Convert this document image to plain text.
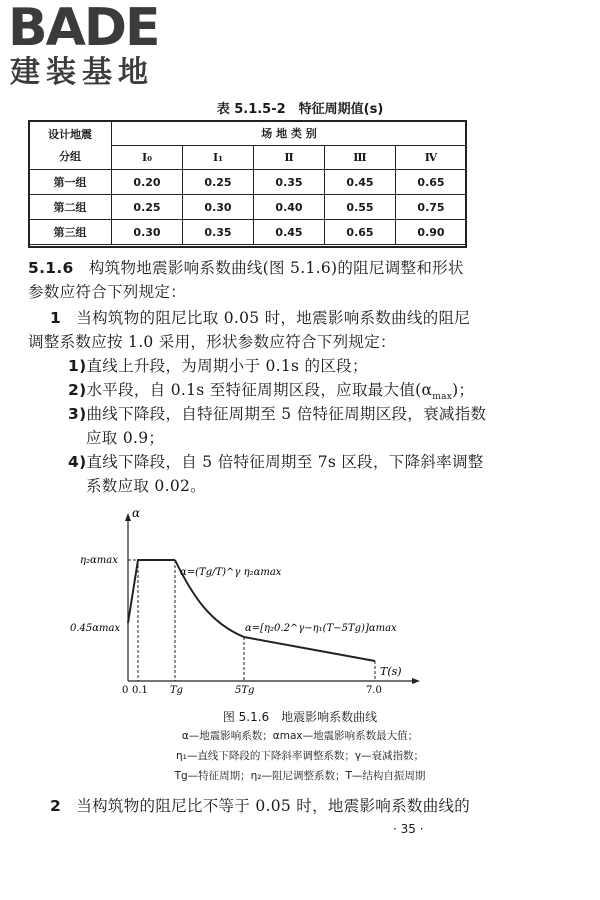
BADE
建装基地
表 5.1.5-2　特征周期值(s)
设计地震
分组	场 地 类 别				
	Ⅰ₀	Ⅰ₁	Ⅱ	Ⅲ	Ⅳ
第一组	0.20	0.25	0.35	0.45	0.65
第二组	0.25	0.30	0.40	0.55	0.75
第三组	0.30	0.35	0.45	0.65	0.90
5.1.6 构筑物地震影响系数曲线(图 5.1.6)的阻尼调整和形状
参数应符合下列规定：
1 当构筑物的阻尼比取 0.05 时，地震影响系数曲线的阻尼
调整系数应按 1.0 采用，形状参数应符合下列规定：
1)直线上升段，为周期小于 0.1s 的区段；
2)水平段，自 0.1s 至特征周期区段，应取最大值$(\alpha_{max})$；
3)曲线下降段，自特征周期至 5 倍特征周期区段，衰减指数
应取 0.9；
4)直线下降段，自 5 倍特征周期至 7s 区段，下降斜率调整
系数应取 0.02。
α
T(s)
η₂αmax
0.45αmax
0 0.1 Tg	5Tg	7.0
α=(Tg/T)^γ η₂αmax
α=[η₂0.2^γ−η₁(T−5Tg)]αmax
图 5.1.6　地震影响系数曲线
α—地震影响系数；αmax—地震影响系数最大值；
η₁—直线下降段的下降斜率调整系数；γ—衰减指数；
Tg—特征周期；η₂—阻尼调整系数；T—结构自振周期
2 当构筑物的阻尼比不等于 0.05 时，地震影响系数曲线的
· 35 ·
